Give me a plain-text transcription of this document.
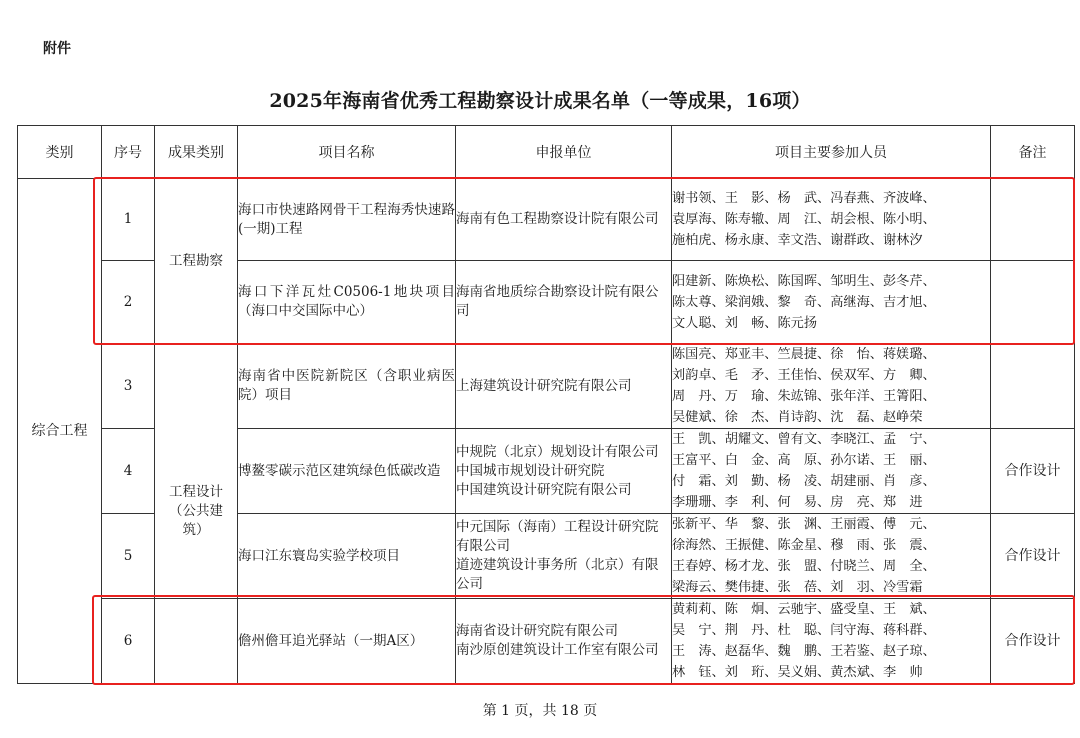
附件
2025年海南省优秀工程勘察设计成果名单（一等成果，16项）
类别	序号	成果类别	项目名称	申报单位	项目主要参加人员	备注
综合工程	1	工程勘察	海口市快速路网骨干工程海秀快速路(一期)工程	海南有色工程勘察设计院有限公司	谢书领、王　影、杨　武、冯春燕、齐波峰、
袁厚海、陈寿辙、周　江、胡会根、陈小明、
施柏虎、杨永康、幸文浩、谢群政、谢林汐	

	2		海口下洋瓦灶C0506-1地块项目（海口中交国际中心）	海南省地质综合勘察设计院有限公司	阳建新、陈焕松、陈国晖、邹明生、彭冬芹、
陈太尊、梁润娥、黎　奇、高继海、吉才旭、
文人聪、刘　畅、陈元扬	

	3	工程设计（公共建筑）	海南省中医院新院区（含职业病医院）项目	上海建筑设计研究院有限公司	陈国亮、郑亚丰、竺晨捷、徐　怡、蒋媄璐、
刘韵卓、毛　矛、王佳怡、侯双军、方　卿、
周　丹、万　瑜、朱竑锦、张年洋、王箐阳、
吴健斌、徐　杰、肖诗韵、沈　磊、赵峥荣	

	4		博鳌零碳示范区建筑绿色低碳改造	中规院（北京）规划设计有限公司
中国城市规划设计研究院
中国建筑设计研究院有限公司	王　凯、胡耀文、曾有文、李晓江、孟　宁、
王富平、白　金、高　原、孙尔诺、王　丽、
付　霜、刘　勤、杨　凌、胡建丽、肖　彦、
李珊珊、李　利、何　易、房　亮、郑　进	合作设计
	5		海口江东寰岛实验学校项目	中元国际（海南）工程设计研究院有限公司
道迹建筑设计事务所（北京）有限公司	张新平、华　黎、张　渊、王丽霞、傅　元、
徐海然、王振健、陈金星、穆　雨、张　震、
王春婷、杨才龙、张　盟、付晓兰、周　全、
梁海云、樊伟捷、张　蓓、刘　羽、冷雪霜	合作设计
	6		儋州儋耳追光驿站（一期A区）	海南省设计研究院有限公司
南沙原创建筑设计工作室有限公司	黄莉莉、陈　炯、云驰宇、盛受皇、王　斌、
吴　宁、荆　丹、杜　聪、闫守海、蒋科群、
王　涛、赵磊华、魏　鹏、王若鉴、赵子琼、
林　钰、刘　珩、吴义娟、黄杰斌、李　帅	合作设计
第 1 页，共 18 页
